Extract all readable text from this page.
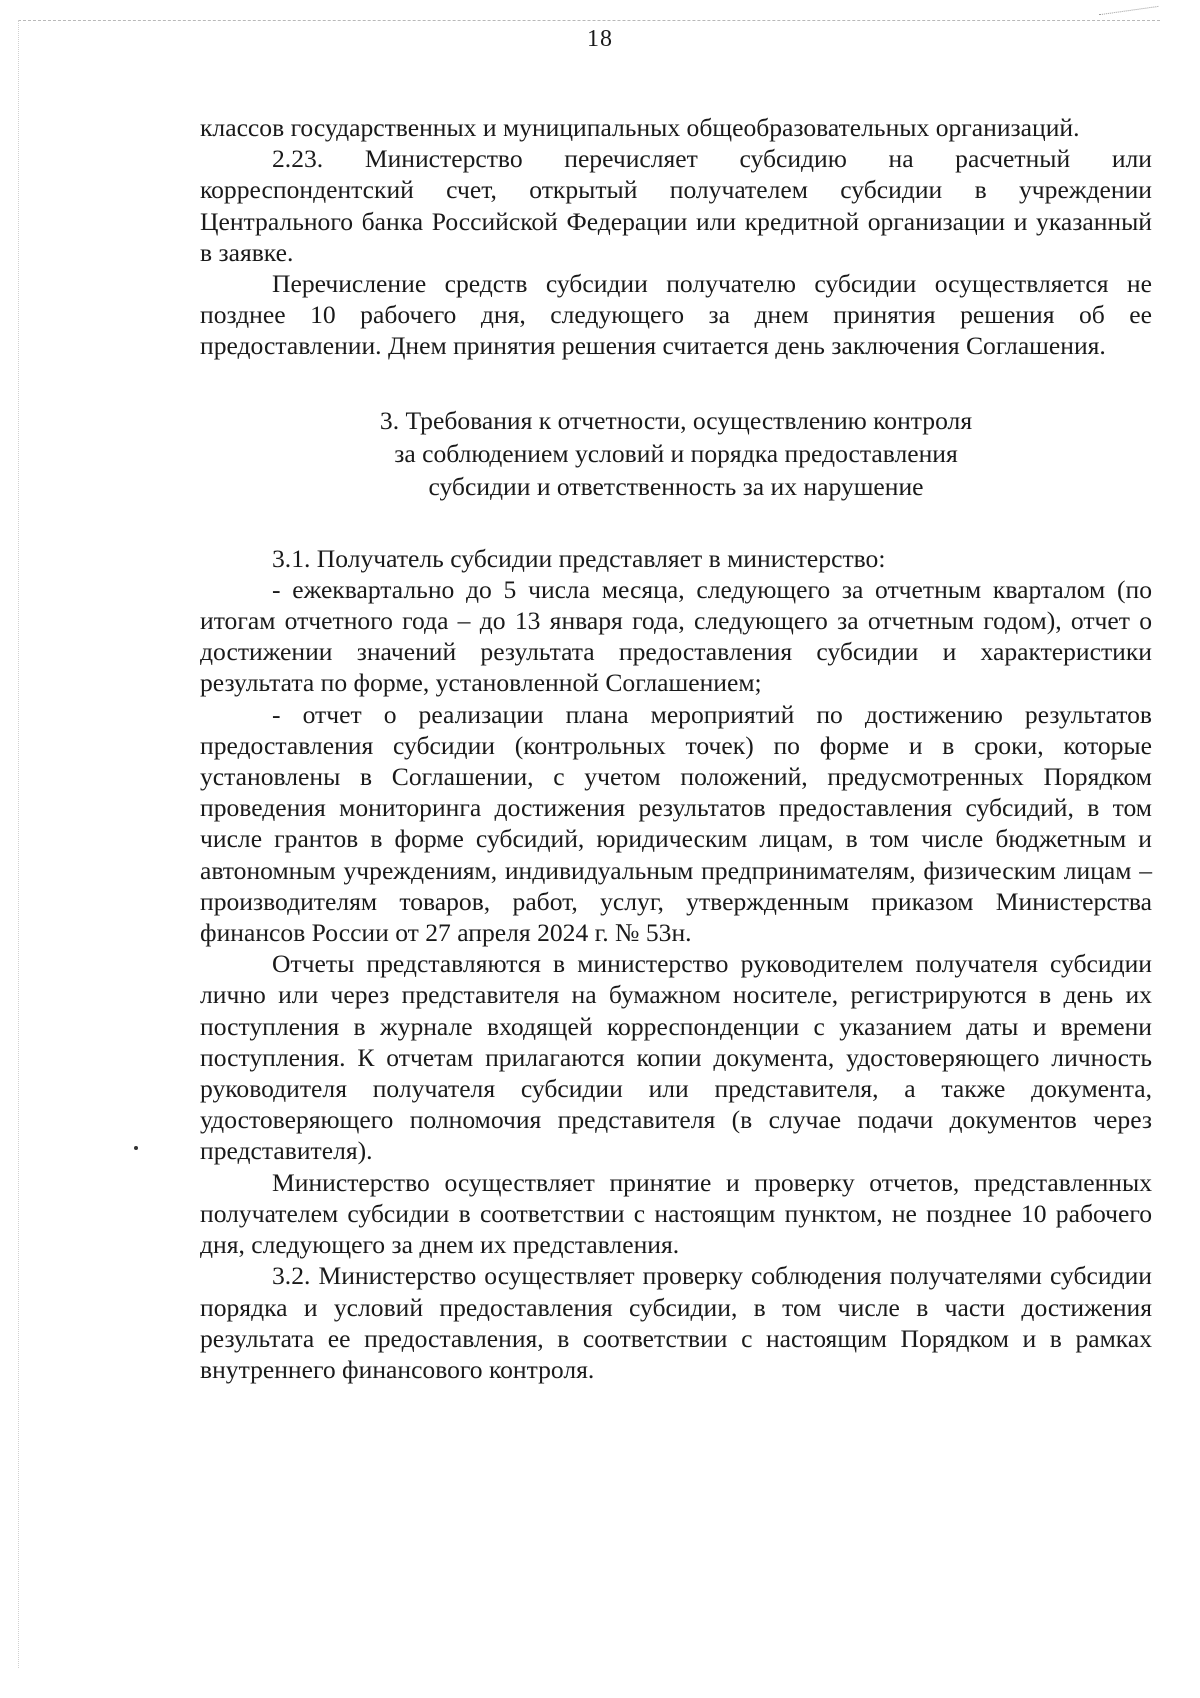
18

классов государственных и муниципальных общеобразовательных организаций.

2.23. Министерство перечисляет субсидию на расчетный или корреспондентский счет, открытый получателем субсидии в учреждении Центрального банка Российской Федерации или кредитной организации и указанный в заявке.

Перечисление средств субсидии получателю субсидии осуществляется не позднее 10 рабочего дня, следующего за днем принятия решения об ее предоставлении. Днем принятия решения считается день заключения Соглашения.

3. Требования к отчетности, осуществлению контроля
за соблюдением условий и порядка предоставления
субсидии и ответственность за их нарушение

3.1. Получатель субсидии представляет в министерство:

- ежеквартально до 5 числа месяца, следующего за отчетным кварталом (по итогам отчетного года – до 13 января года, следующего за отчетным годом), отчет о достижении значений результата предоставления субсидии и характеристики результата по форме, установленной Соглашением;

- отчет о реализации плана мероприятий по достижению результатов предоставления субсидии (контрольных точек) по форме и в сроки, которые установлены в Соглашении, с учетом положений, предусмотренных Порядком проведения мониторинга достижения результатов предоставления субсидий, в том числе грантов в форме субсидий, юридическим лицам, в том числе бюджетным и автономным учреждениям, индивидуальным предпринимателям, физическим лицам – производителям товаров, работ, услуг, утвержденным приказом Министерства финансов России от 27 апреля 2024 г. № 53н.

Отчеты представляются в министерство руководителем получателя субсидии лично или через представителя на бумажном носителе, регистрируются в день их поступления в журнале входящей корреспонденции с указанием даты и времени поступления. К отчетам прилагаются копии документа, удостоверяющего личность руководителя получателя субсидии или представителя, а также документа, удостоверяющего полномочия представителя (в случае подачи документов через представителя).

Министерство осуществляет принятие и проверку отчетов, представленных получателем субсидии в соответствии с настоящим пунктом, не позднее 10 рабочего дня, следующего за днем их представления.

3.2. Министерство осуществляет проверку соблюдения получателями субсидии порядка и условий предоставления субсидии, в том числе в части достижения результата ее предоставления, в соответствии с настоящим Порядком и в рамках внутреннего финансового контроля.
